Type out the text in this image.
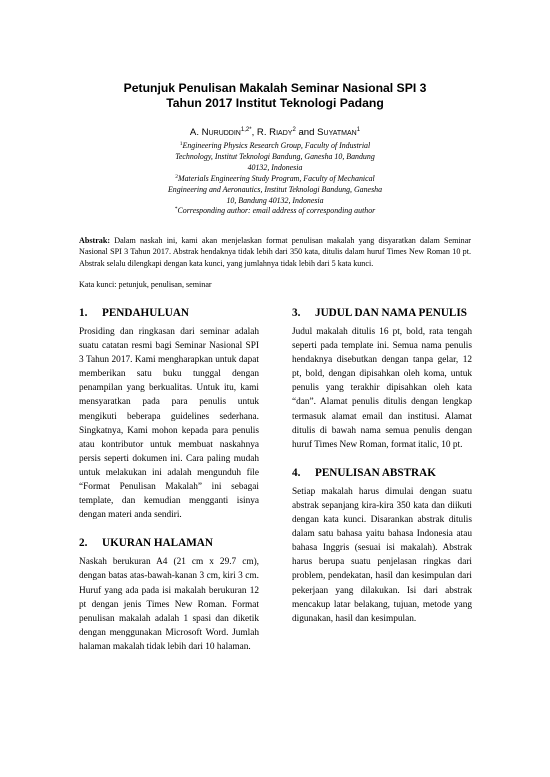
Petunjuk Penulisan Makalah Seminar Nasional SPI 3
Tahun 2017 Institut Teknologi Padang
A. Nuruddin$^{1,2*}$, R. Riady$^2$ and Suyatman$^1$
$^1$Engineering Physics Research Group, Faculty of Industrial
Technology, Institut Teknologi Bandung, Ganesha 10, Bandung
40132, Indonesia
$^2$Materials Engineering Study Program, Faculty of Mechanical
Engineering and Aeronautics, Institut Teknologi Bandung, Ganesha
10, Bandung 40132, Indonesia
*Corresponding author: email address of corresponding author
Abstrak: Dalam naskah ini, kami akan menjelaskan format penulisan makalah yang disyaratkan dalam Seminar Nasional SPI 3 Tahun 2017. Abstrak hendaknya tidak lebih dari 350 kata, ditulis dalam huruf Times New Roman 10 pt. Abstrak selalu dilengkapi dengan kata kunci, yang jumlahnya tidak lebih dari 5 kata kunci.
Kata kunci: petunjuk, penulisan, seminar
1.	PENDAHULUAN

Prosiding dan ringkasan dari seminar adalah suatu catatan resmi bagi Seminar Nasional SPI 3 Tahun 2017. Kami mengharapkan untuk dapat memberikan satu buku tunggal dengan penampilan yang berkualitas. Untuk itu, kami mensyaratkan pada para penulis untuk mengikuti beberapa guidelines sederhana. Singkatnya, Kami mohon kepada para penulis atau kontributor untuk membuat naskahnya persis seperti dokumen ini. Cara paling mudah untuk melakukan ini adalah mengunduh file “Format Penulisan Makalah” ini sebagai template, dan kemudian mengganti isinya dengan materi anda sendiri.

2.	UKURAN HALAMAN

Naskah berukuran A4 (21 cm x 29.7 cm), dengan batas atas-bawah-kanan 3 cm, kiri 3 cm. Huruf yang ada pada isi makalah berukuran 12 pt dengan jenis Times New Roman. Format penulisan makalah adalah 1 spasi dan diketik dengan menggunakan Microsoft Word. Jumlah halaman makalah tidak lebih dari 10 halaman.

3.	JUDUL DAN NAMA PENULIS

Judul makalah ditulis 16 pt, bold, rata tengah seperti pada template ini. Semua nama penulis hendaknya disebutkan dengan tanpa gelar, 12 pt, bold, dengan dipisahkan oleh koma, untuk penulis yang terakhir dipisahkan oleh kata “dan”. Alamat penulis ditulis dengan lengkap termasuk alamat email dan institusi. Alamat ditulis di bawah nama semua penulis dengan huruf Times New Roman, format italic, 10 pt.

4.	PENULISAN ABSTRAK

Setiap makalah harus dimulai dengan suatu abstrak sepanjang kira-kira 350 kata dan diikuti dengan kata kunci. Disarankan abstrak ditulis dalam satu bahasa yaitu bahasa Indonesia atau bahasa Inggris (sesuai isi makalah). Abstrak harus berupa suatu penjelasan ringkas dari problem, pendekatan, hasil dan kesimpulan dari pekerjaan yang dilakukan. Isi dari abstrak mencakup latar belakang, tujuan, metode yang digunakan, hasil dan kesimpulan.
